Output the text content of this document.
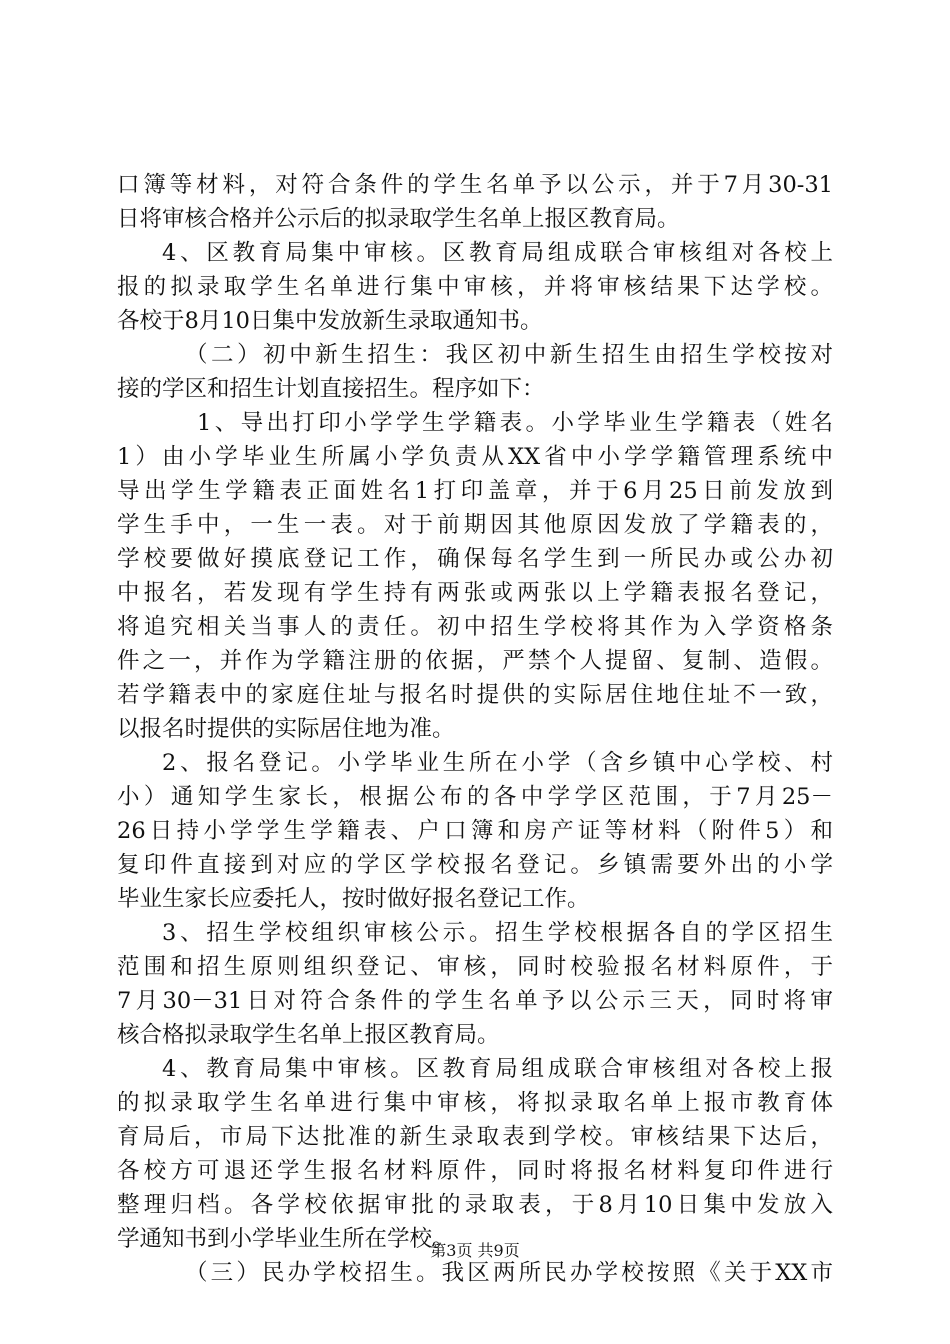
口簿等材料，对符合条件的学生名单予以公示，并于7月30-31
日将审核合格并公示后的拟录取学生名单上报区教育局。
4、区教育局集中审核。区教育局组成联合审核组对各校上
报的拟录取学生名单进行集中审核，并将审核结果下达学校。
各校于8月10日集中发放新生录取通知书。
（二）初中新生招生：我区初中新生招生由招生学校按对
接的学区和招生计划直接招生。程序如下：
1、导出打印小学学生学籍表。小学毕业生学籍表（姓名
1）由小学毕业生所属小学负责从XX省中小学学籍管理系统中
导出学生学籍表正面姓名1打印盖章，并于6月25日前发放到
学生手中，一生一表。对于前期因其他原因发放了学籍表的，
学校要做好摸底登记工作，确保每名学生到一所民办或公办初
中报名，若发现有学生持有两张或两张以上学籍表报名登记，
将追究相关当事人的责任。初中招生学校将其作为入学资格条
件之一，并作为学籍注册的依据，严禁个人提留、复制、造假。
若学籍表中的家庭住址与报名时提供的实际居住地住址不一致，
以报名时提供的实际居住地为准。
2、报名登记。小学毕业生所在小学（含乡镇中心学校、村
小）通知学生家长，根据公布的各中学学区范围，于7月25－
26日持小学学生学籍表、户口簿和房产证等材料（附件5）和
复印件直接到对应的学区学校报名登记。乡镇需要外出的小学
毕业生家长应委托人，按时做好报名登记工作。
3、招生学校组织审核公示。招生学校根据各自的学区招生
范围和招生原则组织登记、审核，同时校验报名材料原件，于
7月30－31日对符合条件的学生名单予以公示三天，同时将审
核合格拟录取学生名单上报区教育局。
4、教育局集中审核。区教育局组成联合审核组对各校上报
的拟录取学生名单进行集中审核，将拟录取名单上报市教育体
育局后，市局下达批准的新生录取表到学校。审核结果下达后，
各校方可退还学生报名材料原件，同时将报名材料复印件进行
整理归档。各学校依据审批的录取表，于8月10日集中发放入
学通知书到小学毕业生所在学校。
（三）民办学校招生。我区两所民办学校按照《关于XX市
第3页 共9页
